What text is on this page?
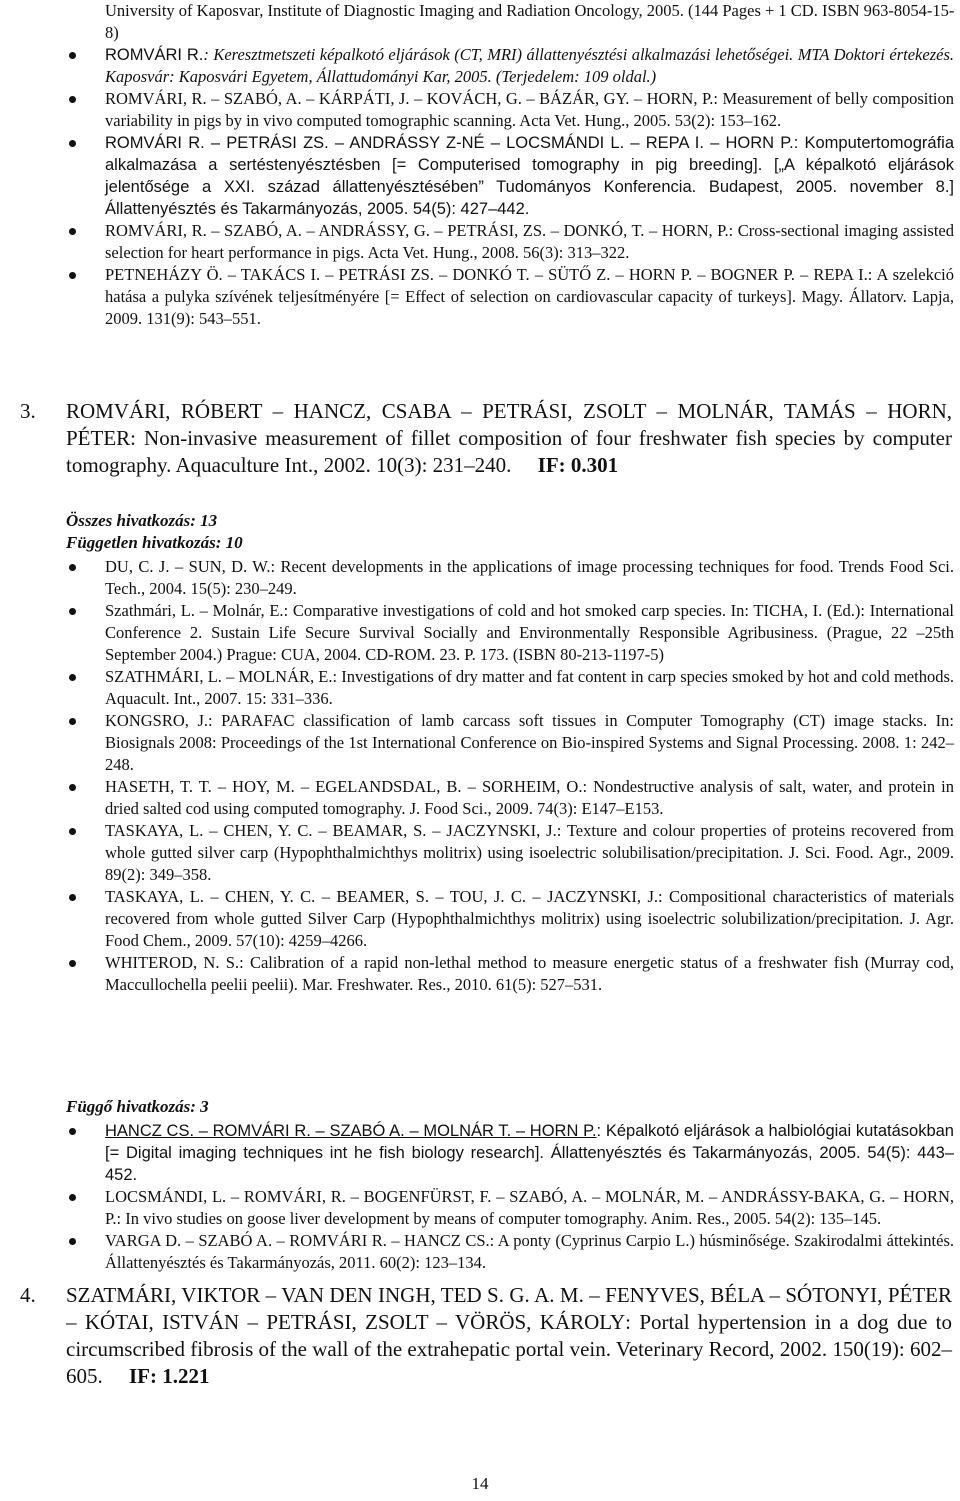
University of Kaposvar, Institute of Diagnostic Imaging and Radiation Oncology, 2005. (144 Pages + 1 CD. ISBN 963-8054-15-8)
ROMVÁRI R.: Keresztmetszeti képalkotó eljárások (CT, MRI) állattenyésztési alkalmazási lehetőségei. MTA Doktori értekezés. Kaposvár: Kaposvári Egyetem, Állattudományi Kar, 2005. (Terjedelem: 109 oldal.)
ROMVÁRI, R. – SZABÓ, A. – KÁRPÁTI, J. – KOVÁCH, G. – BÁZÁR, GY. – HORN, P.: Measurement of belly composition variability in pigs by in vivo computed tomographic scanning. Acta Vet. Hung., 2005. 53(2): 153–162.
ROMVÁRI R. – PETRÁSI ZS. – ANDRÁSSY Z-NÉ – LOCSMÁNDI L. – REPA I. – HORN P.: Komputertomográfia alkalmazása a sertéstenyésztésben [= Computerised tomography in pig breeding]. [„A képalkotó eljárások jelentősége a XXI. század állattenyésztésében” Tudományos Konferencia. Budapest, 2005. november 8.] Állattenyésztés és Takarmányozás, 2005. 54(5): 427–442.
ROMVÁRI, R. – SZABÓ, A. – ANDRÁSSY, G. – PETRÁSI, ZS. – DONKÓ, T. – HORN, P.: Cross-sectional imaging assisted selection for heart performance in pigs. Acta Vet. Hung., 2008. 56(3): 313–322.
PETNEHÁZY Ö. – TAKÁCS I. – PETRÁSI ZS. – DONKÓ T. – SÜTŐ Z. – HORN P. – BOGNER P. – REPA I.: A szelekció hatása a pulyka szívének teljesítményére [= Effect of selection on cardiovascular capacity of turkeys]. Magy. Állatorv. Lapja, 2009. 131(9): 543–551.
3. ROMVÁRI, RÓBERT – HANCZ, CSABA – PETRÁSI, ZSOLT – MOLNÁR, TAMÁS – HORN, PÉTER: Non-invasive measurement of fillet composition of four freshwater fish species by computer tomography. Aquaculture Int., 2002. 10(3): 231–240. IF: 0.301
Összes hivatkozás: 13
Független hivatkozás: 10
DU, C. J. – SUN, D. W.: Recent developments in the applications of image processing techniques for food. Trends Food Sci. Tech., 2004. 15(5): 230–249.
Szathmári, L. – Molnár, E.: Comparative investigations of cold and hot smoked carp species. In: TICHA, I. (Ed.): International Conference 2. Sustain Life Secure Survival Socially and Environmentally Responsible Agribusiness. (Prague, 22 –25th September 2004.) Prague: CUA, 2004. CD-ROM. 23. P. 173. (ISBN 80-213-1197-5)
SZATHMÁRI, L. – MOLNÁR, E.: Investigations of dry matter and fat content in carp species smoked by hot and cold methods. Aquacult. Int., 2007. 15: 331–336.
KONGSRO, J.: PARAFAC classification of lamb carcass soft tissues in Computer Tomography (CT) image stacks. In: Biosignals 2008: Proceedings of the 1st International Conference on Bio-inspired Systems and Signal Processing. 2008. 1: 242–248.
HASETH, T. T. – HOY, M. – EGELANDSDAL, B. – SORHEIM, O.: Nondestructive analysis of salt, water, and protein in dried salted cod using computed tomography. J. Food Sci., 2009. 74(3): E147–E153.
TASKAYA, L. – CHEN, Y. C. – BEAMAR, S. – JACZYNSKI, J.: Texture and colour properties of proteins recovered from whole gutted silver carp (Hypophthalmichthys molitrix) using isoelectric solubilisation/precipitation. J. Sci. Food. Agr., 2009. 89(2): 349–358.
TASKAYA, L. – CHEN, Y. C. – BEAMER, S. – TOU, J. C. – JACZYNSKI, J.: Compositional characteristics of materials recovered from whole gutted Silver Carp (Hypophthalmichthys molitrix) using isoelectric solubilization/precipitation. J. Agr. Food Chem., 2009. 57(10): 4259–4266.
WHITEROD, N. S.: Calibration of a rapid non-lethal method to measure energetic status of a freshwater fish (Murray cod, Maccullochella peelii peelii). Mar. Freshwater. Res., 2010. 61(5): 527–531.
Függő hivatkozás: 3
HANCZ CS. – ROMVÁRI R. – SZABÓ A. – MOLNÁR T. – HORN P.: Képalkotó eljárások a halbiológiai kutatásokban [= Digital imaging techniques int he fish biology research]. Állattenyésztés és Takarmányozás, 2005. 54(5): 443–452.
LOCSMÁNDI, L. – ROMVÁRI, R. – BOGENFÜRST, F. – SZABÓ, A. – MOLNÁR, M. – ANDRÁSSY-BAKA, G. – HORN, P.: In vivo studies on goose liver development by means of computer tomography. Anim. Res., 2005. 54(2): 135–145.
VARGA D. – SZABÓ A. – ROMVÁRI R. – HANCZ CS.: A ponty (Cyprinus Carpio L.) húsminősége. Szakirodalmi áttekintés. Állattenyésztés és Takarmányozás, 2011. 60(2): 123–134.
4. SZATMÁRI, VIKTOR – VAN DEN INGH, TED S. G. A. M. – FENYVES, BÉLA – SÓTONYI, PÉTER – KÓTAI, ISTVÁN – PETRÁSI, ZSOLT – VÖRÖS, KÁROLY: Portal hypertension in a dog due to circumscribed fibrosis of the wall of the extrahepatic portal vein. Veterinary Record, 2002. 150(19): 602–605. IF: 1.221
14
